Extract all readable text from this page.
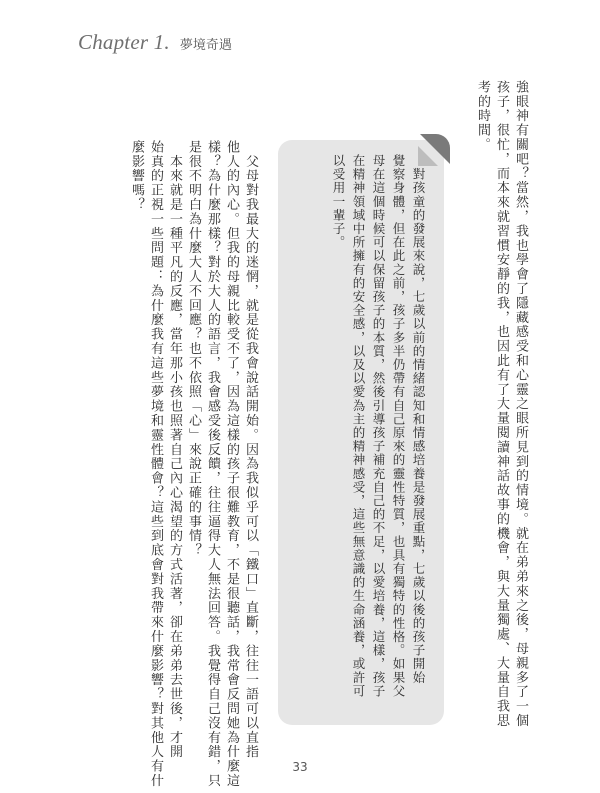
Chapter 1. 夢境奇遇
強眼神有關吧？當然，我也學會了隱藏感受和心靈之眼所見到的情境。就在弟弟來之後，母親多了一個
孩子，很忙，而本來就習慣安靜的我，也因此有了大量閱讀神話故事的機會，與大量獨處、大量自我思
考的時間。
　對孩童的發展來說，七歲以前的情緒認知和情感培養是發展重點，七歲以後的孩子開始
覺察身體，但在此之前，孩子多半仍帶有自己原來的靈性特質，也具有獨特的性格。如果父
母在這個時候可以保留孩子的本質，然後引導孩子補充自己的不足，以愛培養，這樣，孩子
在精神領域中所擁有的安全感，以及以愛為主的精神感受，這些無意識的生命涵養，或許可
以受用一輩子。
　父母對我最大的迷惘，就是從我會說話開始。因為我似乎可以「鐵口」直斷，往往一語可以直指
他人的內心。但我的母親比較受不了，因為這樣的孩子很難教育，不是很聽話，我常會反問她為什麼這
樣？為什麼那樣？對於大人的語言，我會感受後反饋，往往逼得大人無法回答。我覺得自己沒有錯，只
是很不明白為什麼大人不回應？也不依照「心」來說正確的事情？
　本來就是一種平凡的反應，當年那小孩也照著自己內心渴望的方式活著，卻在弟弟去世後，才開
始真的正視一些問題：為什麼我有這些夢境和靈性體會？這些到底會對我帶來什麼影響？對其他人有什
麼影響嗎？
33
